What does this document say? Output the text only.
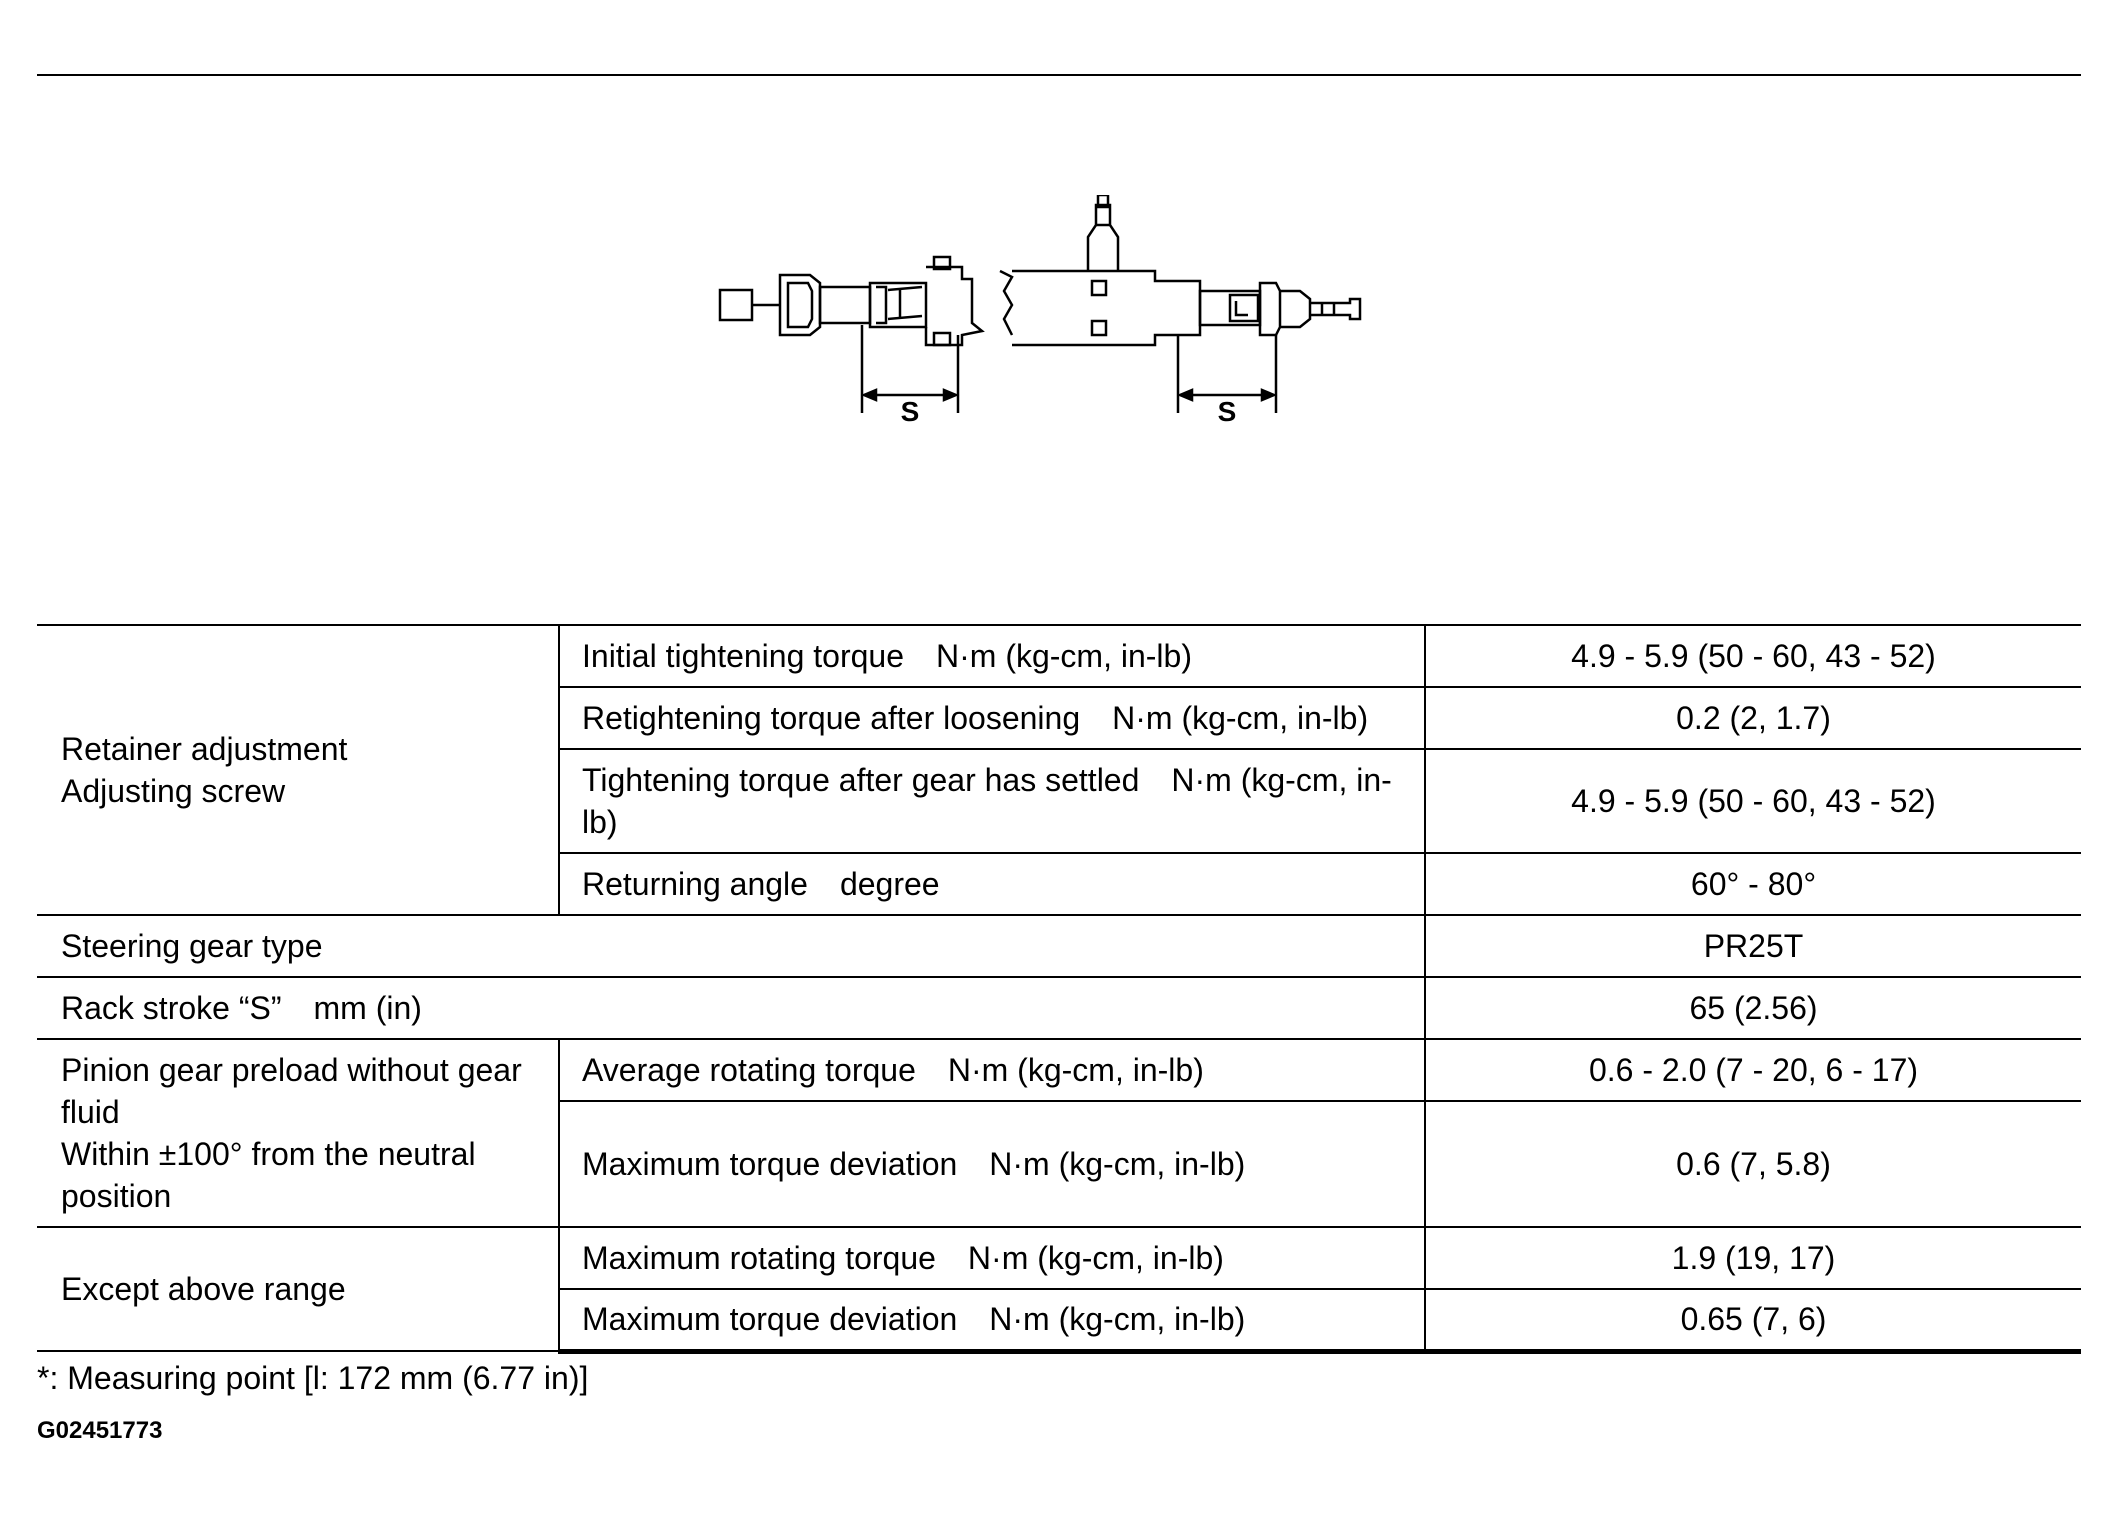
S	S
Retainer adjustment
Adjusting screw	Initial tightening torque N·m (kg-cm, in-lb)	4.9 - 5.9 (50 - 60, 43 - 52)
	Retightening torque after loosening N·m (kg-cm, in-lb)	0.2 (2, 1.7)
	Tightening torque after gear has settled N·m (kg-cm, in-lb)	4.9 - 5.9 (50 - 60, 43 - 52)
	Returning angle degree	60° - 80°
Steering gear type		PR25T
Rack stroke “S” mm (in)		65 (2.56)
Pinion gear preload without gear fluid
Within ±100° from the neutral position	Average rotating torque N·m (kg-cm, in-lb)	0.6 - 2.0 (7 - 20, 6 - 17)
	Maximum torque deviation N·m (kg-cm, in-lb)	0.6 (7, 5.8)
Except above range	Maximum rotating torque N·m (kg-cm, in-lb)	1.9 (19, 17)
	Maximum torque deviation N·m (kg-cm, in-lb)	0.65 (7, 6)
*: Measuring point [l: 172 mm (6.77 in)]
G02451773
